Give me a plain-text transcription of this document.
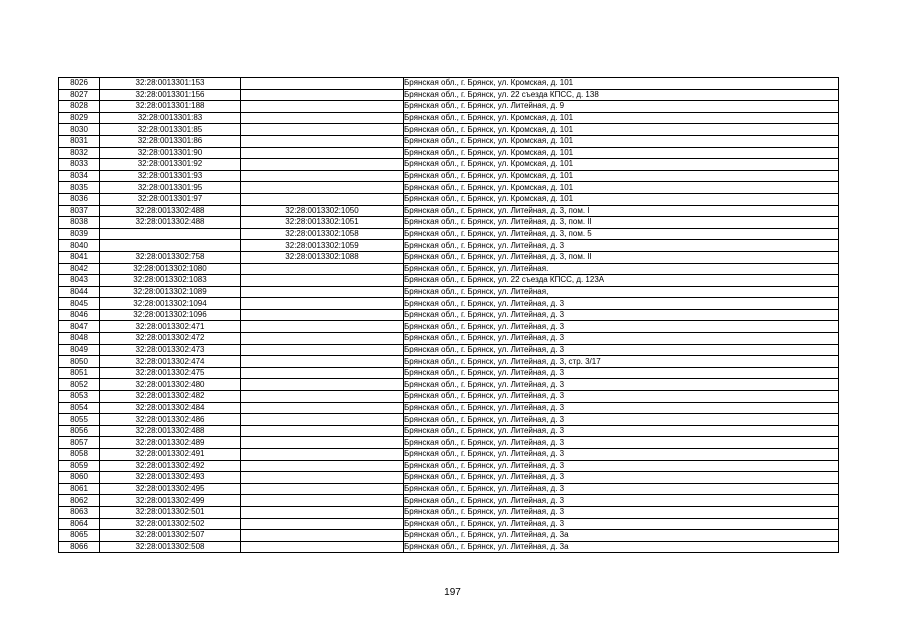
8026	32:28:0013301:153		Брянская обл., г. Брянск, ул. Кромская, д. 101
8027	32:28:0013301:156		Брянская обл., г. Брянск, ул. 22 съезда КПСС, д. 138
8028	32:28:0013301:188		Брянская обл., г. Брянск, ул. Литейная, д. 9
8029	32:28:0013301:83		Брянская обл., г. Брянск, ул. Кромская, д. 101
8030	32:28:0013301:85		Брянская обл., г. Брянск, ул. Кромская, д. 101
8031	32:28:0013301:86		Брянская обл., г. Брянск, ул. Кромская, д. 101
8032	32:28:0013301:90		Брянская обл., г. Брянск, ул. Кромская, д. 101
8033	32:28:0013301:92		Брянская обл., г. Брянск, ул. Кромская, д. 101
8034	32:28:0013301:93		Брянская обл., г. Брянск, ул. Кромская, д. 101
8035	32:28:0013301:95		Брянская обл., г. Брянск, ул. Кромская, д. 101
8036	32:28:0013301:97		Брянская обл., г. Брянск, ул. Кромская, д. 101
8037	32:28:0013302:488	32:28:0013302:1050	Брянская обл., г. Брянск, ул. Литейная, д. 3, пом. I
8038	32:28:0013302:488	32:28:0013302:1051	Брянская обл., г. Брянск, ул. Литейная, д. 3, пом. II
8039		32:28:0013302:1058	Брянская обл., г. Брянск, ул. Литейная, д. 3, пом. 5
8040		32:28:0013302:1059	Брянская обл., г. Брянск, ул. Литейная, д. 3
8041	32:28:0013302:758	32:28:0013302:1088	Брянская обл., г. Брянск, ул. Литейная, д. 3, пом. II
8042	32:28:0013302:1080		Брянская обл., г. Брянск, ул. Литейная.
8043	32:28:0013302:1083		Брянская обл., г. Брянск, ул. 22 съезда КПСС, д. 123А
8044	32:28:0013302:1089		Брянская обл., г. Брянск, ул. Литейная,
8045	32:28:0013302:1094		Брянская обл., г. Брянск, ул. Литейная, д. 3
8046	32:28:0013302:1096		Брянская обл., г. Брянск, ул. Литейная, д. 3
8047	32:28:0013302:471		Брянская обл., г. Брянск, ул. Литейная, д. 3
8048	32:28:0013302:472		Брянская обл., г. Брянск, ул. Литейная, д. 3
8049	32:28:0013302:473		Брянская обл., г. Брянск, ул. Литейная, д. 3
8050	32:28:0013302:474		Брянская обл., г. Брянск, ул. Литейная, д. 3, стр. 3/17
8051	32:28:0013302:475		Брянская обл., г. Брянск, ул. Литейная, д. 3
8052	32:28:0013302:480		Брянская обл., г. Брянск, ул. Литейная, д. 3
8053	32:28:0013302:482		Брянская обл., г. Брянск, ул. Литейная, д. 3
8054	32:28:0013302:484		Брянская обл., г. Брянск, ул. Литейная, д. 3
8055	32:28:0013302:486		Брянская обл., г. Брянск, ул. Литейная, д. 3
8056	32:28:0013302:488		Брянская обл., г. Брянск, ул. Литейная, д. 3
8057	32:28:0013302:489		Брянская обл., г. Брянск, ул. Литейная, д. 3
8058	32:28:0013302:491		Брянская обл., г. Брянск, ул. Литейная, д. 3
8059	32:28:0013302:492		Брянская обл., г. Брянск, ул. Литейная, д. 3
8060	32:28:0013302:493		Брянская обл., г. Брянск, ул. Литейная, д. 3
8061	32:28:0013302:495		Брянская обл., г. Брянск, ул. Литейная, д. 3
8062	32:28:0013302:499		Брянская обл., г. Брянск, ул. Литейная, д. 3
8063	32:28:0013302:501		Брянская обл., г. Брянск, ул. Литейная, д. 3
8064	32:28:0013302:502		Брянская обл., г. Брянск, ул. Литейная, д. 3
8065	32:28:0013302:507		Брянская обл., г. Брянск, ул. Литейная, д. 3а
8066	32:28:0013302:508		Брянская обл., г. Брянск, ул. Литейная, д. 3а
197
